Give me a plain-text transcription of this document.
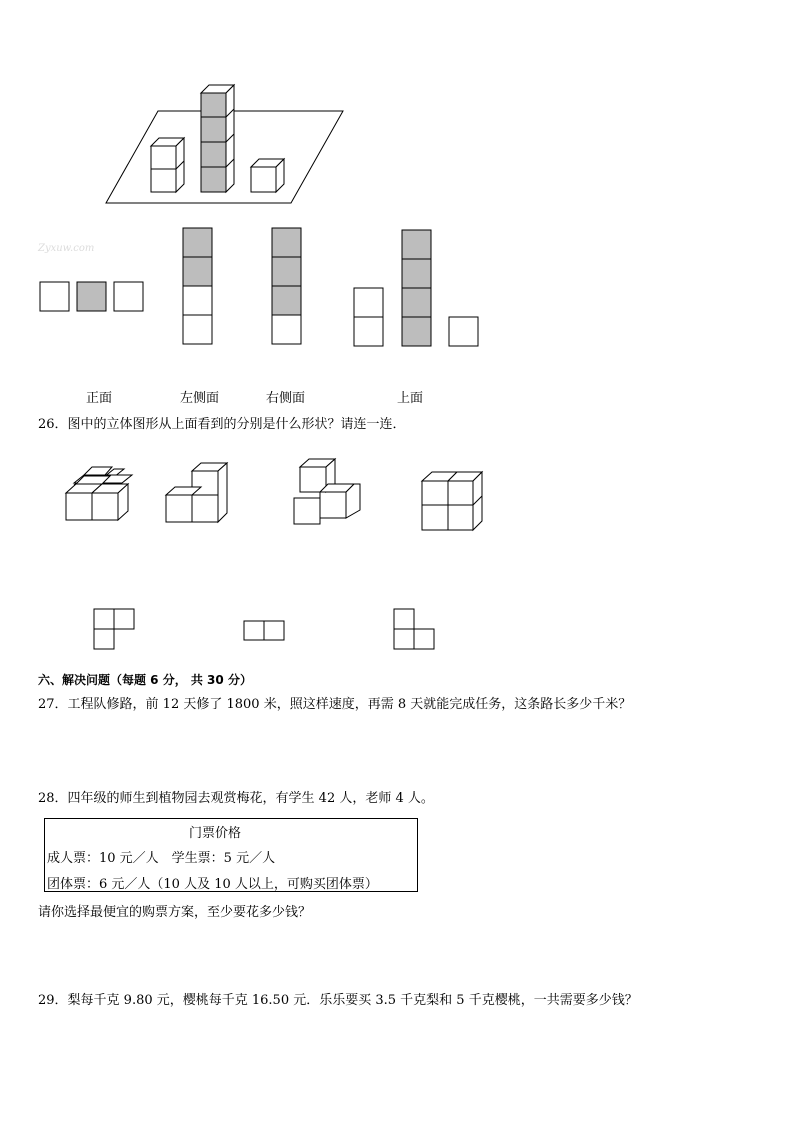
Zyxuw.com
正面	左侧面	右侧面	上面
26．图中的立体图形从上面看到的分别是什么形状？请连一连．
六、解决问题（每题 6 分， 共 30 分）
27．工程队修路，前 12 天修了 1800 米，照这样速度，再需 8 天就能完成任务，这条路长多少千米？
28．四年级的师生到植物园去观赏梅花，有学生 42 人，老师 4 人。
门票价格
成人票：10 元／人　学生票：5 元／人
团体票：6 元／人（10 人及 10 人以上，可购买团体票）
请你选择最便宜的购票方案，至少要花多少钱？
29．梨每千克 9.80 元，樱桃每千克 16.50 元．乐乐要买 3.5 千克梨和 5 千克樱桃，一共需要多少钱？
